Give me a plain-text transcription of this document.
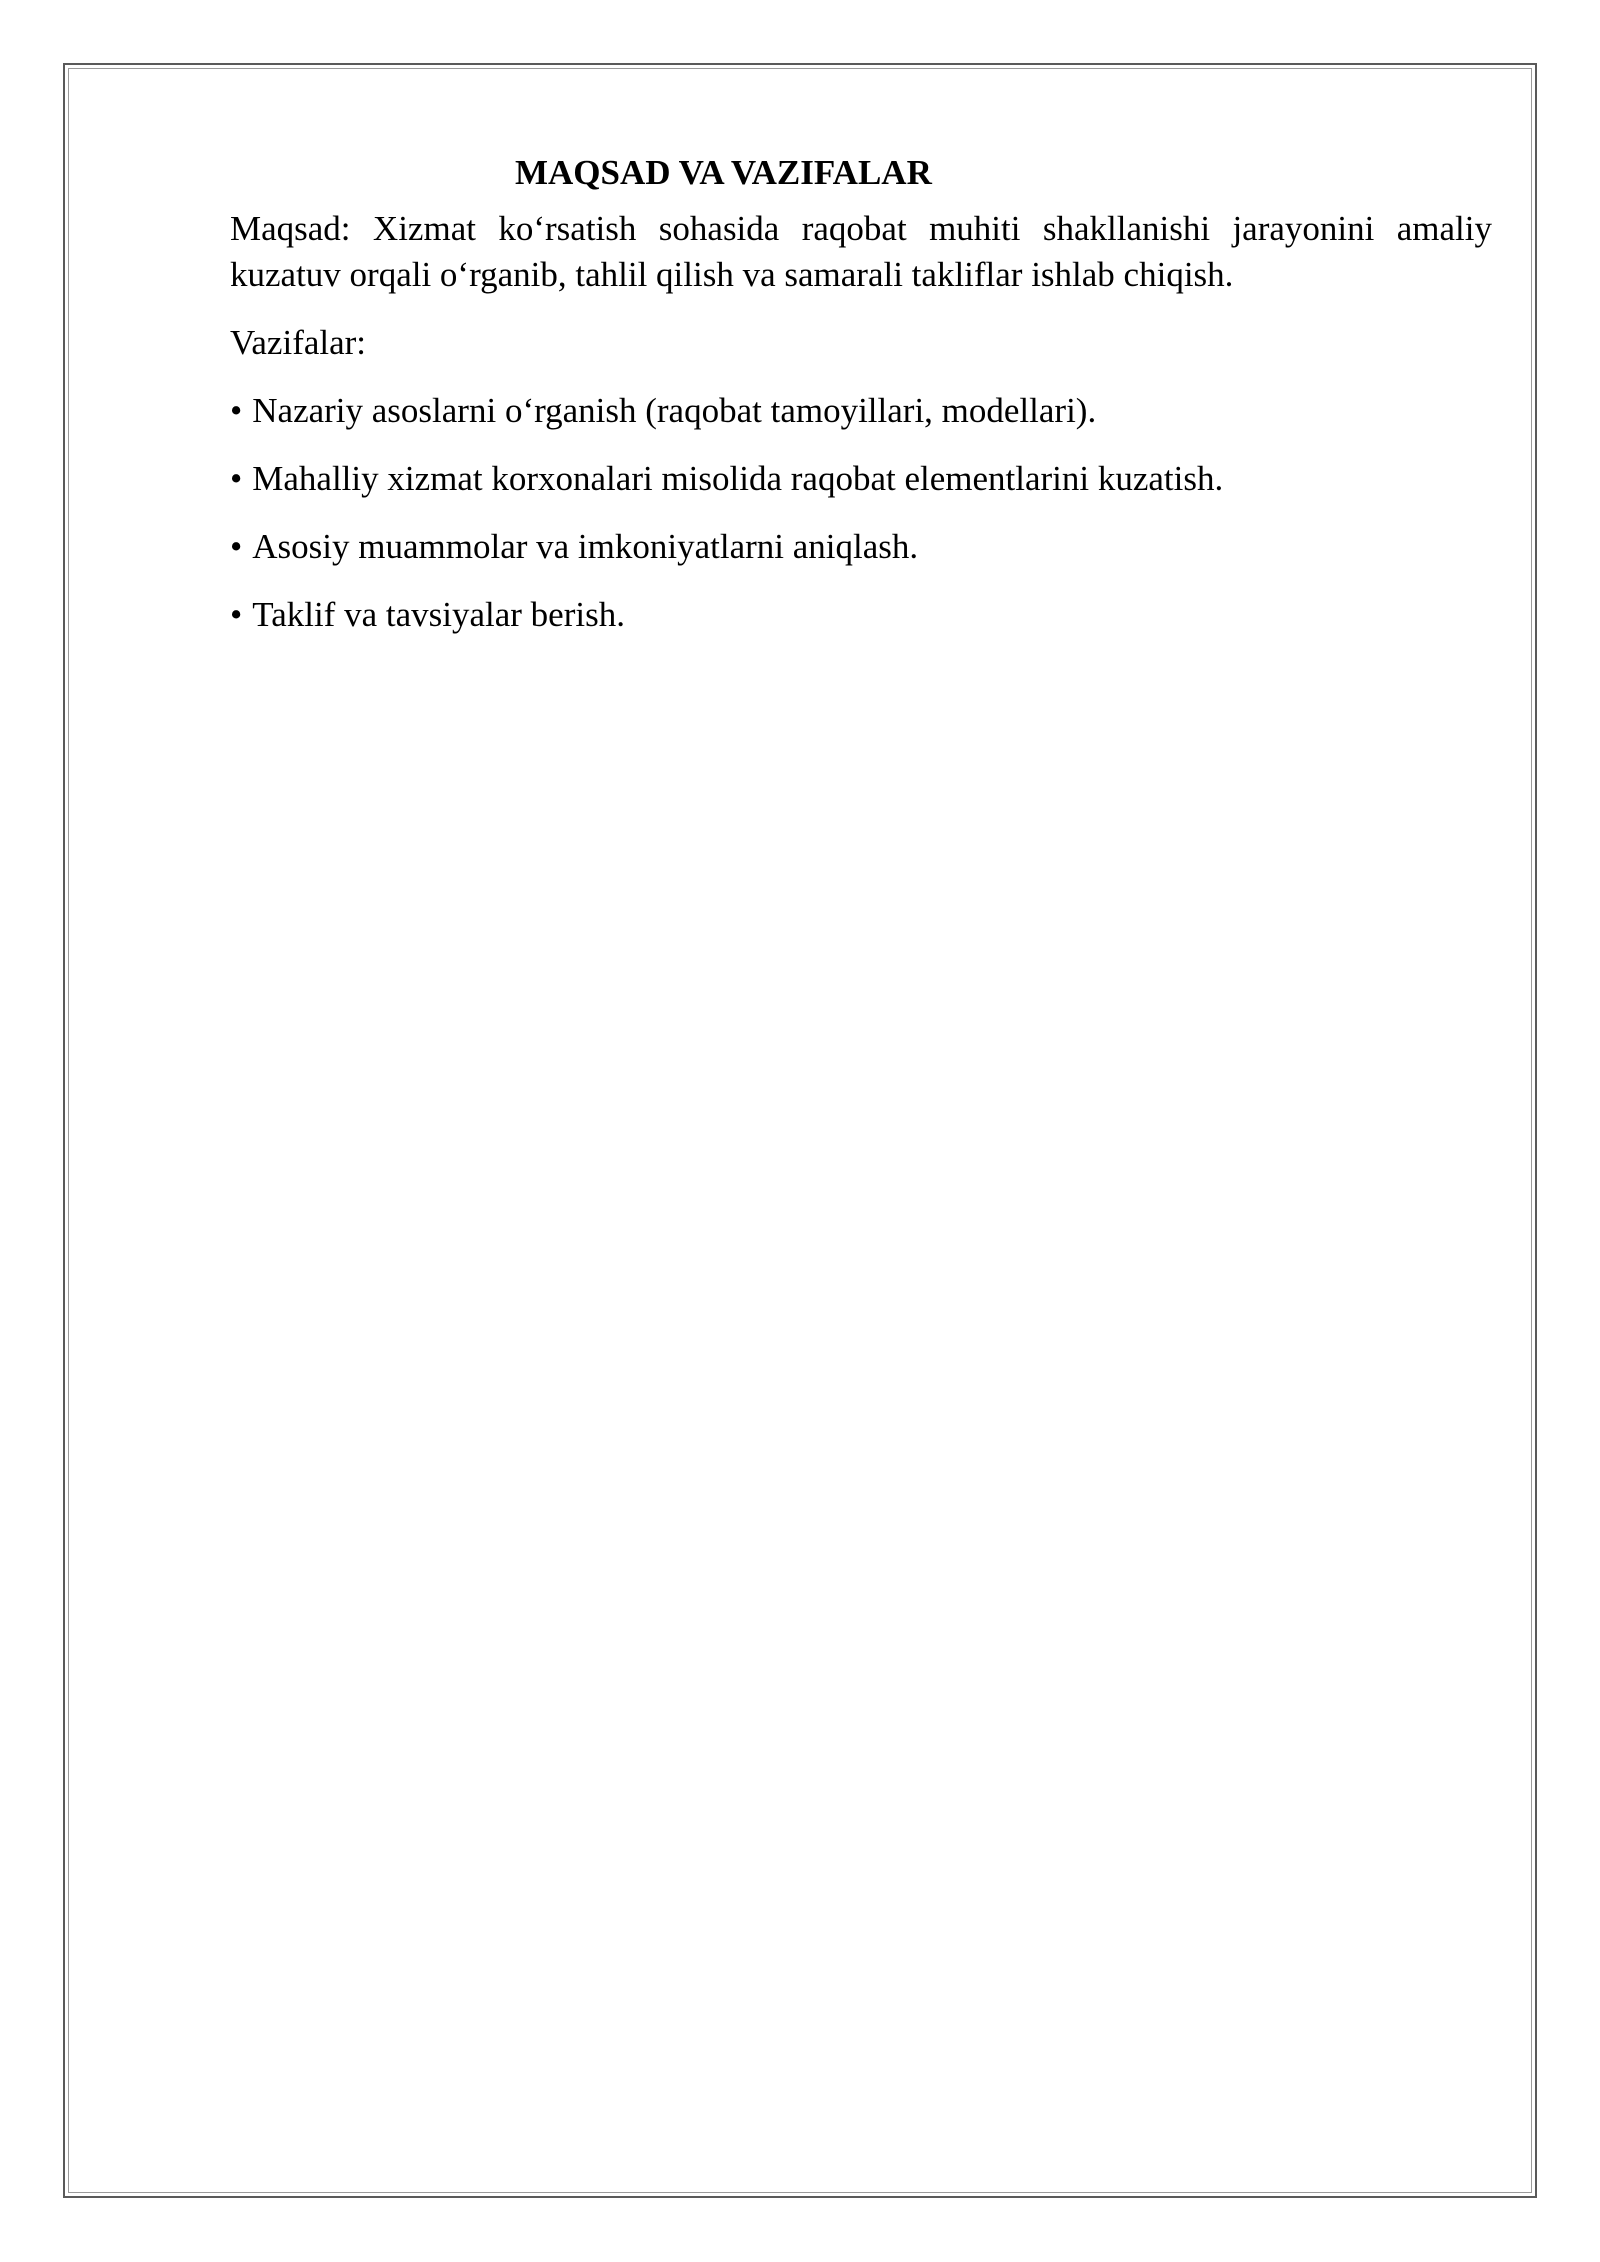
MAQSAD VA VAZIFALAR

Maqsad: Xizmat ko‘rsatish sohasida raqobat muhiti shakllanishi jarayonini amaliy kuzatuv orqali o‘rganib, tahlil qilish va samarali takliflar ishlab chiqish.

Vazifalar:
• Nazariy asoslarni o‘rganish (raqobat tamoyillari, modellari).
• Mahalliy xizmat korxonalari misolida raqobat elementlarini kuzatish.
• Asosiy muammolar va imkoniyatlarni aniqlash.
• Taklif va tavsiyalar berish.
